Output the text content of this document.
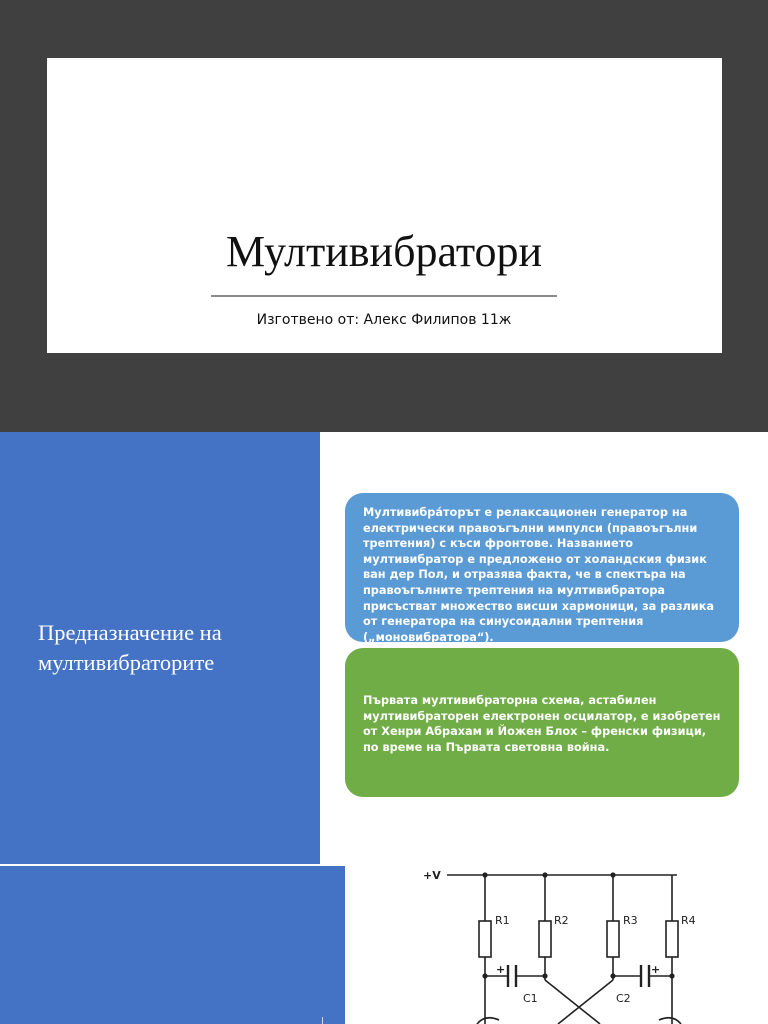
Мултивибратори
Изготвено от: Алекс Филипов 11ж
Предназначение на мултивибраторите

Мултивибра́торът е релаксационен генератор на електрически правоъгълни импулси (правоъгълни трептения) с къси фронтове. Названието мултивибратор е предложено от холандския физик ван дер Пол, и отразява факта, че в спектъра на правоъгълните трептения на мултивибратора присъстват множество висши хармоници, за разлика от генератора на синусоидални трептения („моновибратора“).

Първата мултивибраторна схема, астабилен мултивибраторен електронен осцилатор, е изобретен от Хенри Абрахам и Йожен Блох – френски физици, по време на Първата световна война.

+V
R1	R2	R3	R4
C1	C2
+	+
